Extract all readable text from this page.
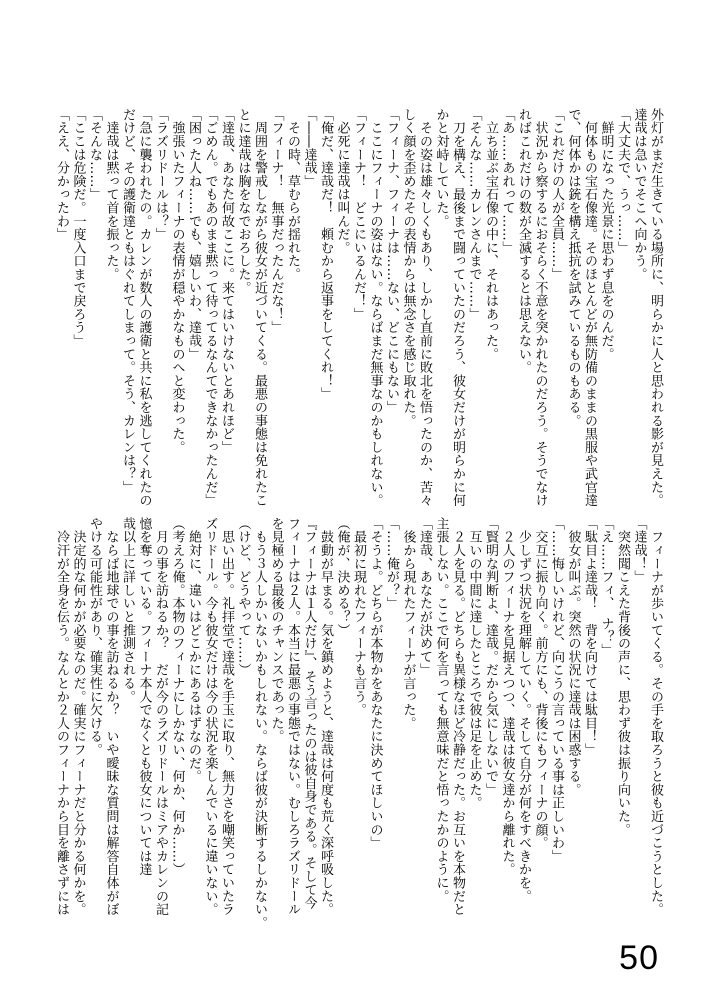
外灯がまだ生きている場所に、明らかに人と思われる影が見えた。

達哉は急いでそこへ向かう。

「大丈夫で、うっ……」

　鮮明になった光景に思わず息をのんだ。

　何体もの宝石像達。そのほとんどが無防備のままの黒服や武官達

で、何体かは銃を構え抵抗を試みているものもある。

「これだけの人が全員……」

　状況から察するにおそらく不意を突かれたのだろう。そうでなけ

ればこれだけの数が全滅するとは思えない。

「あ……あれって……」

　立ち並ぶ宝石像の中に、それはあった。

「そんな……カレンさんまで……」

　刀を構え、最後まで闘っていたのだろう、彼女だけが明らかに何

かと対峙していた。

　その姿は雄々しくもあり、しかし直前に敗北を悟ったのか、苦々

しく顔を歪めたその表情からは無念さを感じ取れた。

「フィーナ、フィーナは……ない、どこにもない」

　ここにフィーナの姿はない。ならばまだ無事なのかもしれない。

「フィーナ！　どこにいるんだ！」

　必死に達哉は叫んだ。

「俺だ、達哉だ！　頼むから返事をしてくれ！」

「――達哉」

　その時、草むらが揺れた。

「フィーナ！　無事だったんだな！」

　周囲を警戒しながら彼女が近づいてくる。最悪の事態は免れたこ

とに達哉は胸をなでおろした。

「達哉、あなた何故ここに。来てはいけないとあれほど」

「ごめん。でもあのまま黙って待ってるなんてできなかったんだ」

「困った人ね……でも、嬉しいわ、達哉」

　強張いたフィーナの表情が穏やかなものへと変わった。

「ラズリドールは？」

「急に襲われたの。カレンが数人の護衛と共に私を逃してくれたの

だけど、その護衛達ともはぐれてしまって。そう、カレンは？」

　達哉は黙って首を振った。

「そんな……」

「ここは危険だ。一度入口まで戻ろう」

「ええ、分かったわ」

　フィーナが歩いてくる。その手を取ろうと彼も近づこうとした。

「達哉！」

　突然聞こえた背後の声に、思わず彼は振り向いた。

「え……フィ、　ナ？」

「駄目よ達哉！　背を向けては駄目！」

　彼女が叫ぶ。突然の状況に達哉は困惑する。

「……悔しいけれど、向こうの言っている事は正しいわ」

　交互に振り向く。前方にも、背後にもフィーナの顔。

　少しずつ状況を理解していく。そして自分が何をすべきかを。

　２人のフィーナを見据えつつ、達哉は彼女達から離れた。

「賢明な判断よ、達哉。だから気にしないで」

　互いの中間に達したところで彼は足を止めた。

　２人を見る。どちらも異様なほど冷静だった。お互いを本物だと

主張しない。ここで何を言っても無意味だと悟ったかのように。

「達哉、あなたが決めて」

　後から現れたフィーナが言った。

「……俺が？」

「そうよ。どちらが本物かをあなたに決めてほしいの」

　最初に現れたフィーナも言う。

（俺が、決める？）

　鼓動が早まる。気を鎮めようと、達哉は何度も荒く深呼吸した。

『フィーナは１人だけ』、そう言ったのは彼自身である。そして今

フィーナは２人。本当に最悪の事態ではない。むしろラズリドール

を見極める最後のチャンスであった。

　もう３人しかいないかもしれない。ならば彼が決断するしかない。

（けど、どうやって……）

　思い出す。礼拝堂で達哉を手玉に取り、無力さを嘲笑っていたラ

ズリドール。今も彼女だけは今の状況を楽しんでいるに違いない。

　絶対に、違いはどこかにあるはずなのだ。

（考えろ俺。本物のフィーナにしかない、何か、何か……）

　月の事を訪ねるか？　だが今のラズリドールはミアやカレンの記

憶を奪っている。フィーナ本人でなくとも彼女については達

哉以上に詳しいと推測される。

　ならば地球での事を訪ねるか？　いや曖昧な質問は解答自体がぼ

やける可能性があり、確実性に欠ける。

　決定的な何かが必要なのだ。確実にフィーナだと分かる何かを。

　冷汗が全身を伝う。なんとか２人のフィーナから目を離さずには

50
